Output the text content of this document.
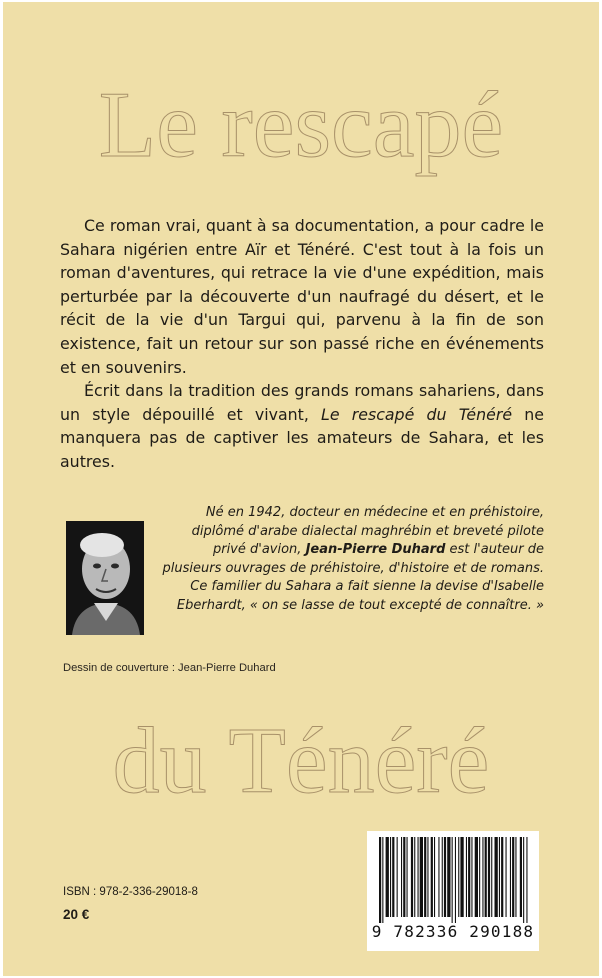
Le rescapé

Ce roman vrai, quant à sa documentation, a pour cadre le Sahara nigérien entre Aïr et Ténéré. C'est tout à la fois un roman d'aventures, qui retrace la vie d'une expédition, mais perturbée par la découverte d'un naufragé du désert, et le récit de la vie d'un Targui qui, parvenu à la fin de son existence, fait un retour sur son passé riche en événements et en souvenirs.

Écrit dans la tradition des grands romans sahariens, dans un style dépouillé et vivant, Le rescapé du Ténéré ne manquera pas de captiver les amateurs de Sahara, et les autres.

Né en 1942, docteur en médecine et en préhistoire, diplômé d'arabe dialectal maghrébin et breveté pilote privé d'avion, Jean-Pierre Duhard est l'auteur de plusieurs ouvrages de préhistoire, d'histoire et de romans. Ce familier du Sahara a fait sienne la devise d'Isabelle Eberhardt, « on se lasse de tout excepté de connaître. »
Dessin de couverture : Jean-Pierre Duhard
du Ténéré
ISBN : 978-2-336-29018-8
20 €
9 782336 290188
